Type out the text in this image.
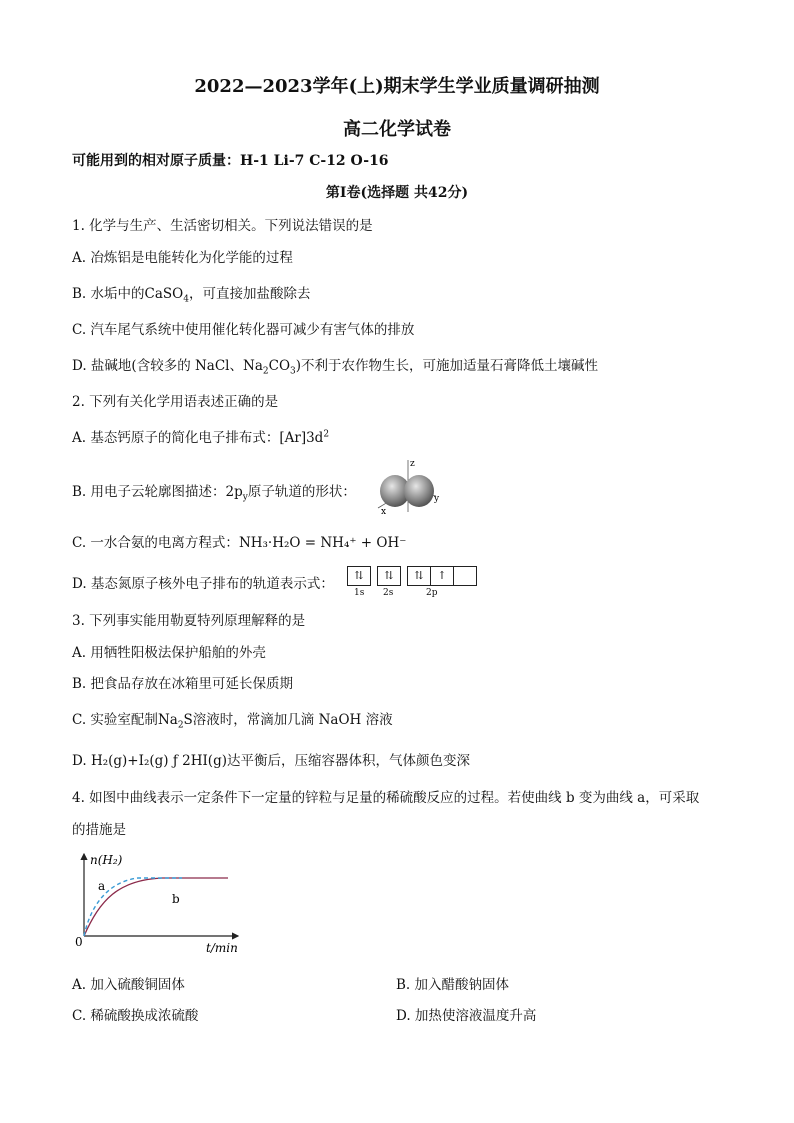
2022—2023学年(上)期末学生学业质量调研抽测
高二化学试卷
可能用到的相对原子质量：H-1 Li-7 C-12 O-16
第Ⅰ卷(选择题 共42分)
1. 化学与生产、生活密切相关。下列说法错误的是
A. 冶炼铝是电能转化为化学能的过程
B. 水垢中的CaSO$_4$，可直接加盐酸除去
C. 汽车尾气系统中使用催化转化器可减少有害气体的排放
D. 盐碱地(含较多的 NaCl、$Na_2CO_3$)不利于农作物生长，可施加适量石膏降低土壤碱性
2. 下列有关化学用语表述正确的是
A. 基态钙原子的简化电子排布式：$[Ar]3d^2$
B. 用电子云轮廓图描述：$2p_y$原子轨道的形状：
z
y
x
C. 一水合氨的电离方程式：NH₃·H₂O = NH₄⁺ + OH⁻
D. 基态氮原子核外电子排布的轨道表示式：
⇅ ⇅ ⇅ ↑
1s 2s	2p
3. 下列事实能用勒夏特列原理解释的是
A. 用牺牲阳极法保护船舶的外壳
B. 把食品存放在冰箱里可延长保质期
C. 实验室配制$Na_2S$溶液时，常滴加几滴 NaOH 溶液
D. H₂(g)+I₂(g) ƒ 2HI(g)达平衡后，压缩容器体积，气体颜色变深
4. 如图中曲线表示一定条件下一定量的锌粒与足量的稀硫酸反应的过程。若使曲线 b 变为曲线 a，可采取
的措施是
n(H₂)
t/min
0
a
b
A. 加入硫酸铜固体	B. 加入醋酸钠固体
C. 稀硫酸换成浓硫酸	D. 加热使溶液温度升高
